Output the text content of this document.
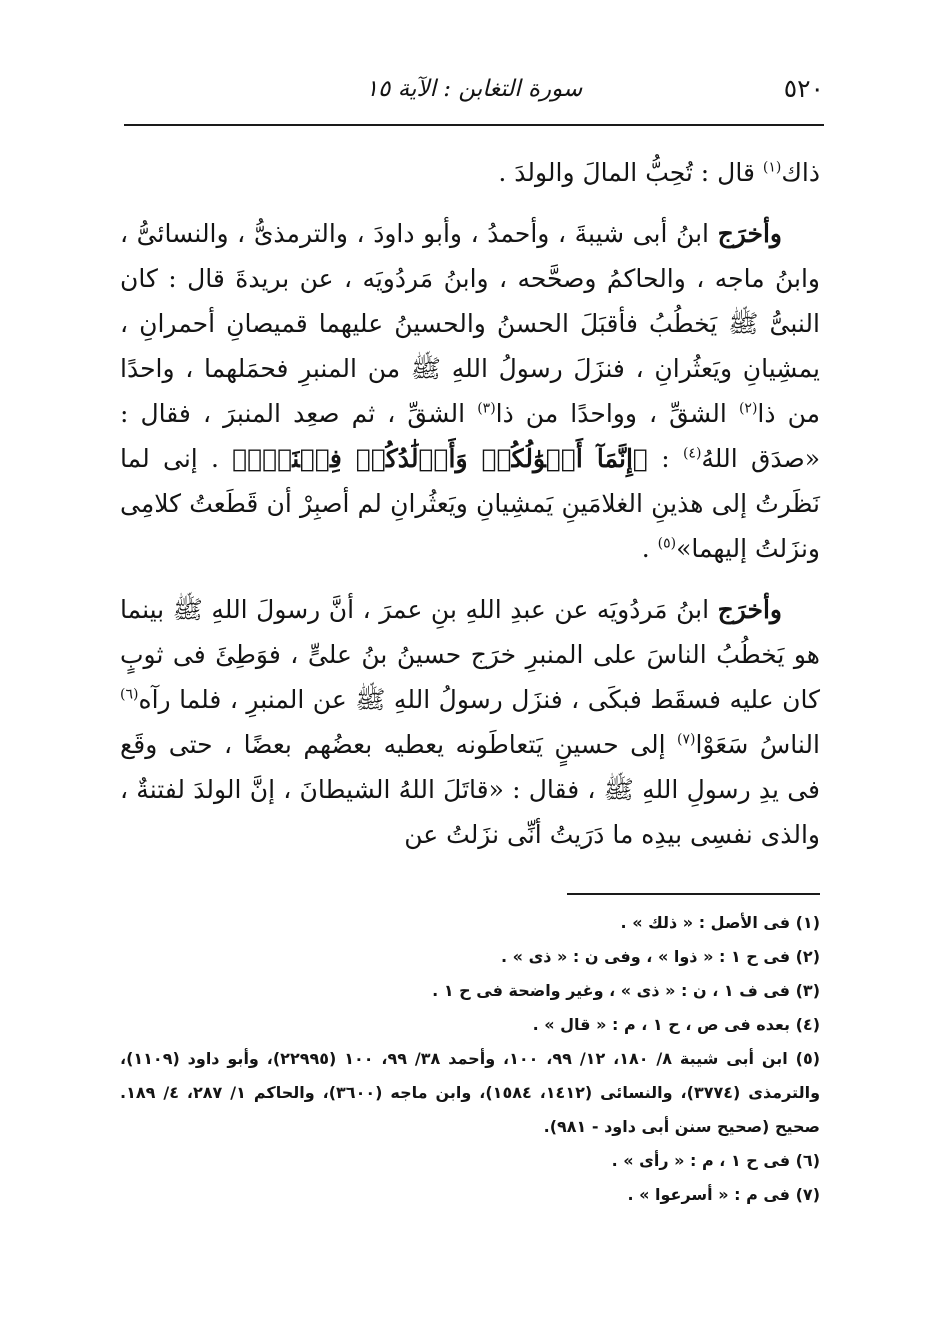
٥٢٠
سورة التغابن : الآية ١٥

ذاك$^{(١)}$ قال : تُحِبُّ المالَ والولدَ .

وأخرَج ابنُ أبى شيبةَ ، وأحمدُ ، وأبو داودَ ، والترمذىُّ ، والنسائىُّ ، وابنُ ماجه ، والحاكمُ وصحَّحه ، وابنُ مَردُويَه ، عن بريدةَ قال : كان النبىُّ ﷺ يَخطُبُ فأقبَلَ الحسنُ والحسينُ عليهما قميصانِ أحمرانِ ، يمشِيانِ ويَعثُرانِ ، فنزَلَ رسولُ اللهِ ﷺ من المنبرِ فحمَلهما ، واحدًا من ذا$^{(٢)}$ الشقِّ ، وواحدًا من ذا$^{(٣)}$ الشقِّ ، ثم صعِد المنبرَ ، فقال : «صدَق اللهُ$^{(٤)}$ : ﴿إِنَّمَآ أَمۡوَٰلُكُمۡ وَأَوۡلَٰدُكُمۡ فِتۡنَةٞۚ﴾ . إنى لما نَظَرتُ إلى هذينِ الغلامَينِ يَمشِيانِ ويَعثُرانِ لم أصبِرْ أن قَطَعتُ كلامِى ونزَلتُ إليهما»$^{(٥)}$ .

وأخرَج ابنُ مَردُويَه عن عبدِ اللهِ بنِ عمرَ ، أنَّ رسولَ اللهِ ﷺ بينما هو يَخطُبُ الناسَ على المنبرِ خرَج حسينُ بنُ علىٍّ ، فوَطِئَ فى ثوبٍ كان عليه فسقَط فبكَى ، فنزَل رسولُ اللهِ ﷺ عن المنبرِ ، فلما رآه$^{(٦)}$ الناسُ سَعَوْا$^{(٧)}$ إلى حسينٍ يَتعاطَونه يعطيه بعضُهم بعضًا ، حتى وقَع فى يدِ رسولِ اللهِ ﷺ ، فقال : «قاتَلَ اللهُ الشيطانَ ، إنَّ الولدَ لفتنةٌ ، والذى نفسِى بيدِه ما دَرَيتُ أنِّى نزَلتُ عن

(١) فى الأصل : « ذلك » .

(٢) فى ح ١ : « ذوا » ، وفى ن : « ذى » .

(٣) فى ف ١ ، ن : « ذى » ، وغير واضحة فى ح ١ .

(٤) بعده فى ص ، ح ١ ، م : « قال » .

(٥) ابن أبى شيبة ٨/ ١٨٠، ١٢/ ٩٩، ١٠٠، وأحمد ٣٨/ ٩٩، ١٠٠ (٢٢٩٩٥)، وأبو داود (١١٠٩)، والترمذى (٣٧٧٤)، والنسائى (١٤١٢، ١٥٨٤)، وابن ماجه (٣٦٠٠)، والحاكم ١/ ٢٨٧، ٤/ ١٨٩. صحيح (صحيح سنن أبى داود - ٩٨١).

(٦) فى ح ١ ، م : « رأى » .

(٧) فى م : « أسرعوا » .
